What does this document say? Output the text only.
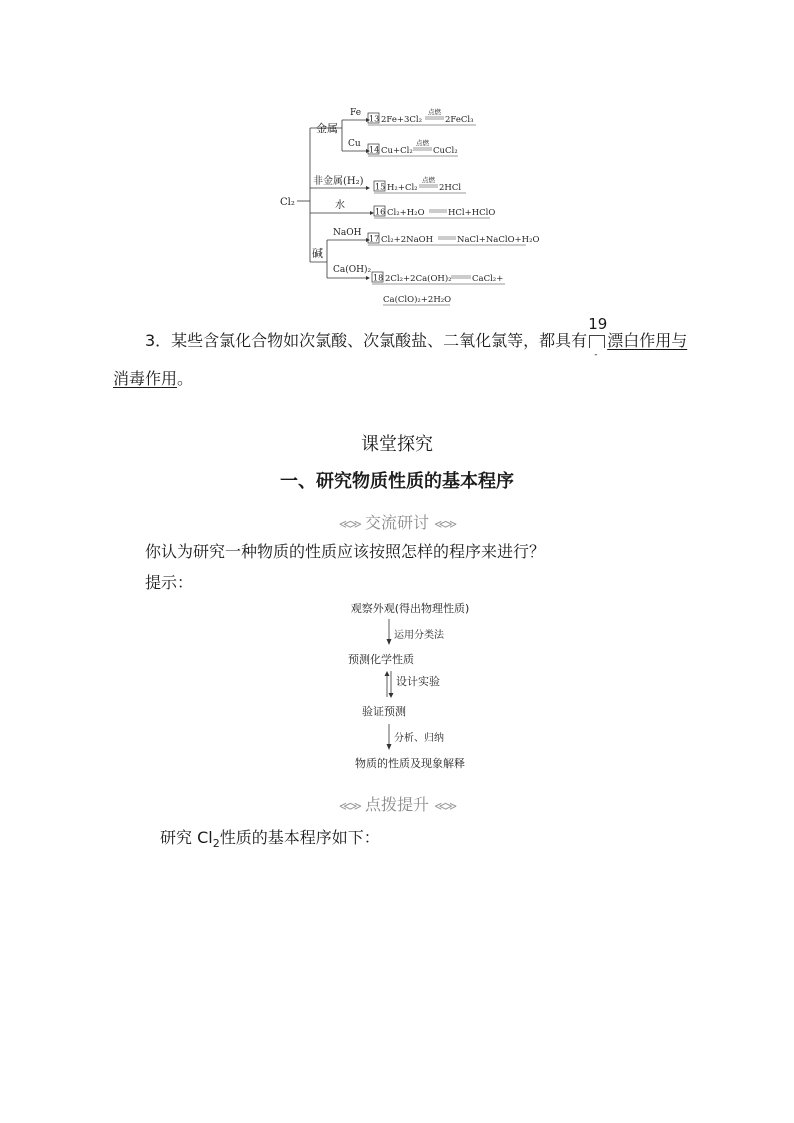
Cl₂
金属
Fe
Cu
13 2Fe+3Cl₂
点燃
2FeCl₃
14 Cu+Cl₂
点燃
CuCl₂
非金属(H₂) 15 H₂+Cl₂
点燃
2HCl
水
16 Cl₂+H₂O	HCl+HClO
碱
NaOH
Ca(OH)₂
17 Cl₂+2NaOH	NaCl+NaClO+H₂O
18 2Cl₂+2Ca(OH)₂ CaCl₂+
Ca(ClO)₂+2H₂O
3．某些含氯化合物如次氯酸、次氯酸盐、二氧化氯等，都具有
19
-
漂白作用与
消毒作用。
课堂探究
一、研究物质性质的基本程序
≪≫ 交流研讨 ≪≫
你认为研究一种物质的性质应该按照怎样的程序来进行？
提示：
观察外观(得出物理性质)
运用分类法
预测化学性质
设计实验
验证预测
分析、归纳
物质的性质及现象解释
≪≫ 点拨提升 ≪≫
研究 $Cl_2$性质的基本程序如下：
